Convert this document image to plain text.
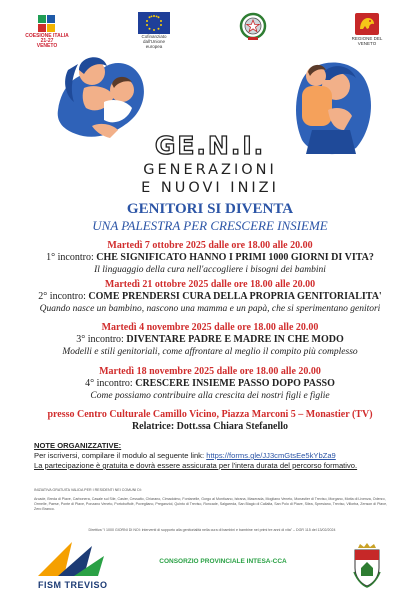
COESIONE ITALIA 21-27
VENETO
Cofinanziato dall'Unione europea
REGIONE DEL VENETO
GE.N.I.
GENERAZIONI
E NUOVI INIZI
GENITORI SI DIVENTA
UNA PALESTRA PER CRESCERE INSIEME
Martedì 7 ottobre 2025 dalle ore 18.00 alle 20.00
1° incontro: CHE SIGNIFICATO HANNO I PRIMI 1000 GIORNI DI VITA?
Il linguaggio della cura nell'accogliere i bisogni dei bambini
Martedì 21 ottobre 2025 dalle ore 18.00 alle 20.00
2° incontro: COME PRENDERSI CURA DELLA PROPRIA GENITORIALITA'
Quando nasce un bambino, nascono una mamma e un papà, che si sperimentano genitori
Martedì 4 novembre 2025 dalle ore 18.00 alle 20.00
3° incontro: DIVENTARE PADRE E MADRE IN CHE MODO
Modelli e stili genitoriali, come affrontare al meglio il compito più complesso
Martedì 18 novembre 2025 dalle ore 18.00 alle 20.00
4° incontro: CRESCERE INSIEME PASSO DOPO PASSO
Come possiamo contribuire alla crescita dei nostri figli e figlie
presso Centro Culturale Camillo Vicino, Piazza Marconi 5 – Monastier (TV)
Relatrice: Dott.ssa Chiara Stefanello
NOTE ORGANIZZATIVE:
Per iscriversi, compilare il modulo al seguente link: https://forms.gle/JJ3cmGtsEe5kYbZa9
La partecipazione è gratuita e dovrà essere assicurata per l'intera durata del percorso formativo.
INIZIATIVA GRATUITA VALIDA PER I RESIDENTI NEI COMUNI DI:
Arcade, Breda di Piave, Carbonera, Casale sul Sile, Casier, Cessalto, Chiarano, Cimadolmo, Fontanelle, Gorgo al Monticano, Istrana, Maserada, Mogliano Veneto, Monastier di Treviso, Morgano, Motta di Livenza, Oderzo, Ormelle, Paese, Ponte di Piave, Ponzano Veneto, Portobuffolè, Povegliano, Preganziol, Quinto di Treviso, Roncade, Salgareda, San Biagio di Callalta, San Polo di Piave, Silea, Spresiano, Treviso, Villorba, Zenson di Piave, Zero Branco.
Direttiva "I 1000 GIORNI DI NOI: interventi di supporto alla genitorialità nella cura di bambini e bambine nei primi tre anni di vita" – DGR 115 del 13/02/2024
FISM TREVISO
CONSORZIO PROVINCIALE INTESA-CCA
